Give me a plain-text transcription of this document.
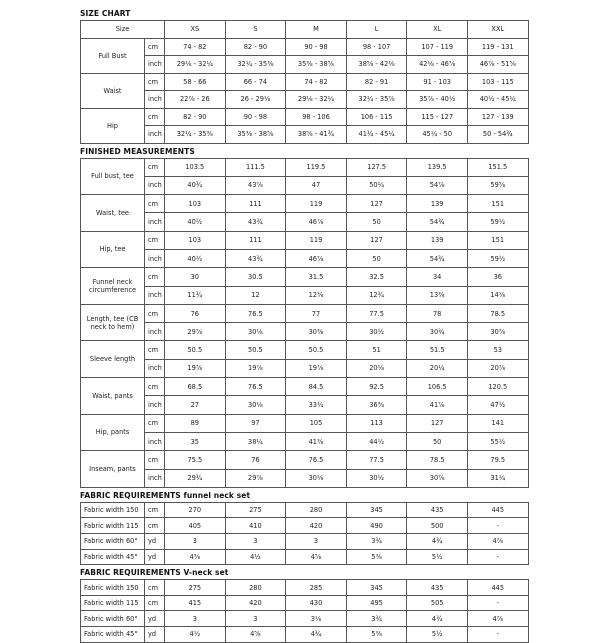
SIZE CHART
Size		XS	S	M	L	XL	XXL
Full Bust	cm	74 - 82	82 - 90	90 - 98	98 - 107	107 - 119	119 - 131
	inch	29⅛ - 32¼	32¼ - 35⅜	35⅜ - 38⅝	38⅝ - 42⅛	42⅛ - 46⅞	46⅞ - 51⅝
Waist	cm	58 - 66	66 - 74	74 - 82	82 - 91	91 - 103	103 - 115
	inch	22⅞ - 26	26 - 29⅛	29⅛ - 32¼	32¼ - 35⅞	35⅞ - 40½	40½ - 45¼
Hip	cm	82 - 90	90 - 98	98 - 106	106 - 115	115 - 127	127 - 139
	inch	32¼ - 35⅜	35⅜ - 38⅝	38⅝ - 41¾	41¾ - 45¼	45¼ - 50	50 - 54¾
FINISHED MEASUREMENTS
Full bust, tee	cm	103.5	111.5	119.5	127.5	139.5	151.5
	inch	40¾	43⅞	47	50¼	54⅞	59⅝
Waist, tee	cm	103	111	119	127	139	151
	inch	40½	43¾	46⅞	50	54¾	59½
Hip, tee	cm	103	111	119	127	139	151
	inch	40½	43¾	46⅞	50	54¾	59½
Funnel neck circumference	cm	30	30.5	31.5	32.5	34	36
	inch	11¾	12	12⅜	12¾	13⅜	14⅛
Length, tee (CB neck to hem)	cm	76	76.5	77	77.5	78	78.5
	inch	29⅞	30⅛	30⅜	30½	30¾	30⅞
Sleeve length	cm	50.5	50.5	50.5	51	51.5	53
	inch	19⅞	19⅞	19⅞	20⅛	20¼	20⅞
Waist, pants	cm	68.5	76.5	84.5	92.5	106.5	120.5
	inch	27	30⅛	33¼	36⅜	41⅞	47½
Hip, pants	cm	89	97	105	113	127	141
	inch	35	38¼	41⅜	44½	50	55½
Inseam, pants	cm	75.5	76	76.5	77.5	78.5	79.5
	inch	29¾	29⅞	30⅛	30½	30⅞	31¼
FABRIC REQUIREMENTS funnel neck set
Fabric width 150	cm	270	275	280	345	435	445
Fabric width 115	cm	405	410	420	490	500	-
Fabric width 60"	yd	3	3	3	3¾	4¾	4⅞
Fabric width 45"	yd	4⅜	4½	4⅝	5⅜	5½	-
FABRIC REQUIREMENTS V-neck set
Fabric width 150	cm	275	280	285	345	435	445
Fabric width 115	cm	415	420	430	495	505	-
Fabric width 60"	yd	3	3	3⅛	3¾	4¾	4⅞
Fabric width 45"	yd	4½	4⅝	4¾	5⅜	5½	-
